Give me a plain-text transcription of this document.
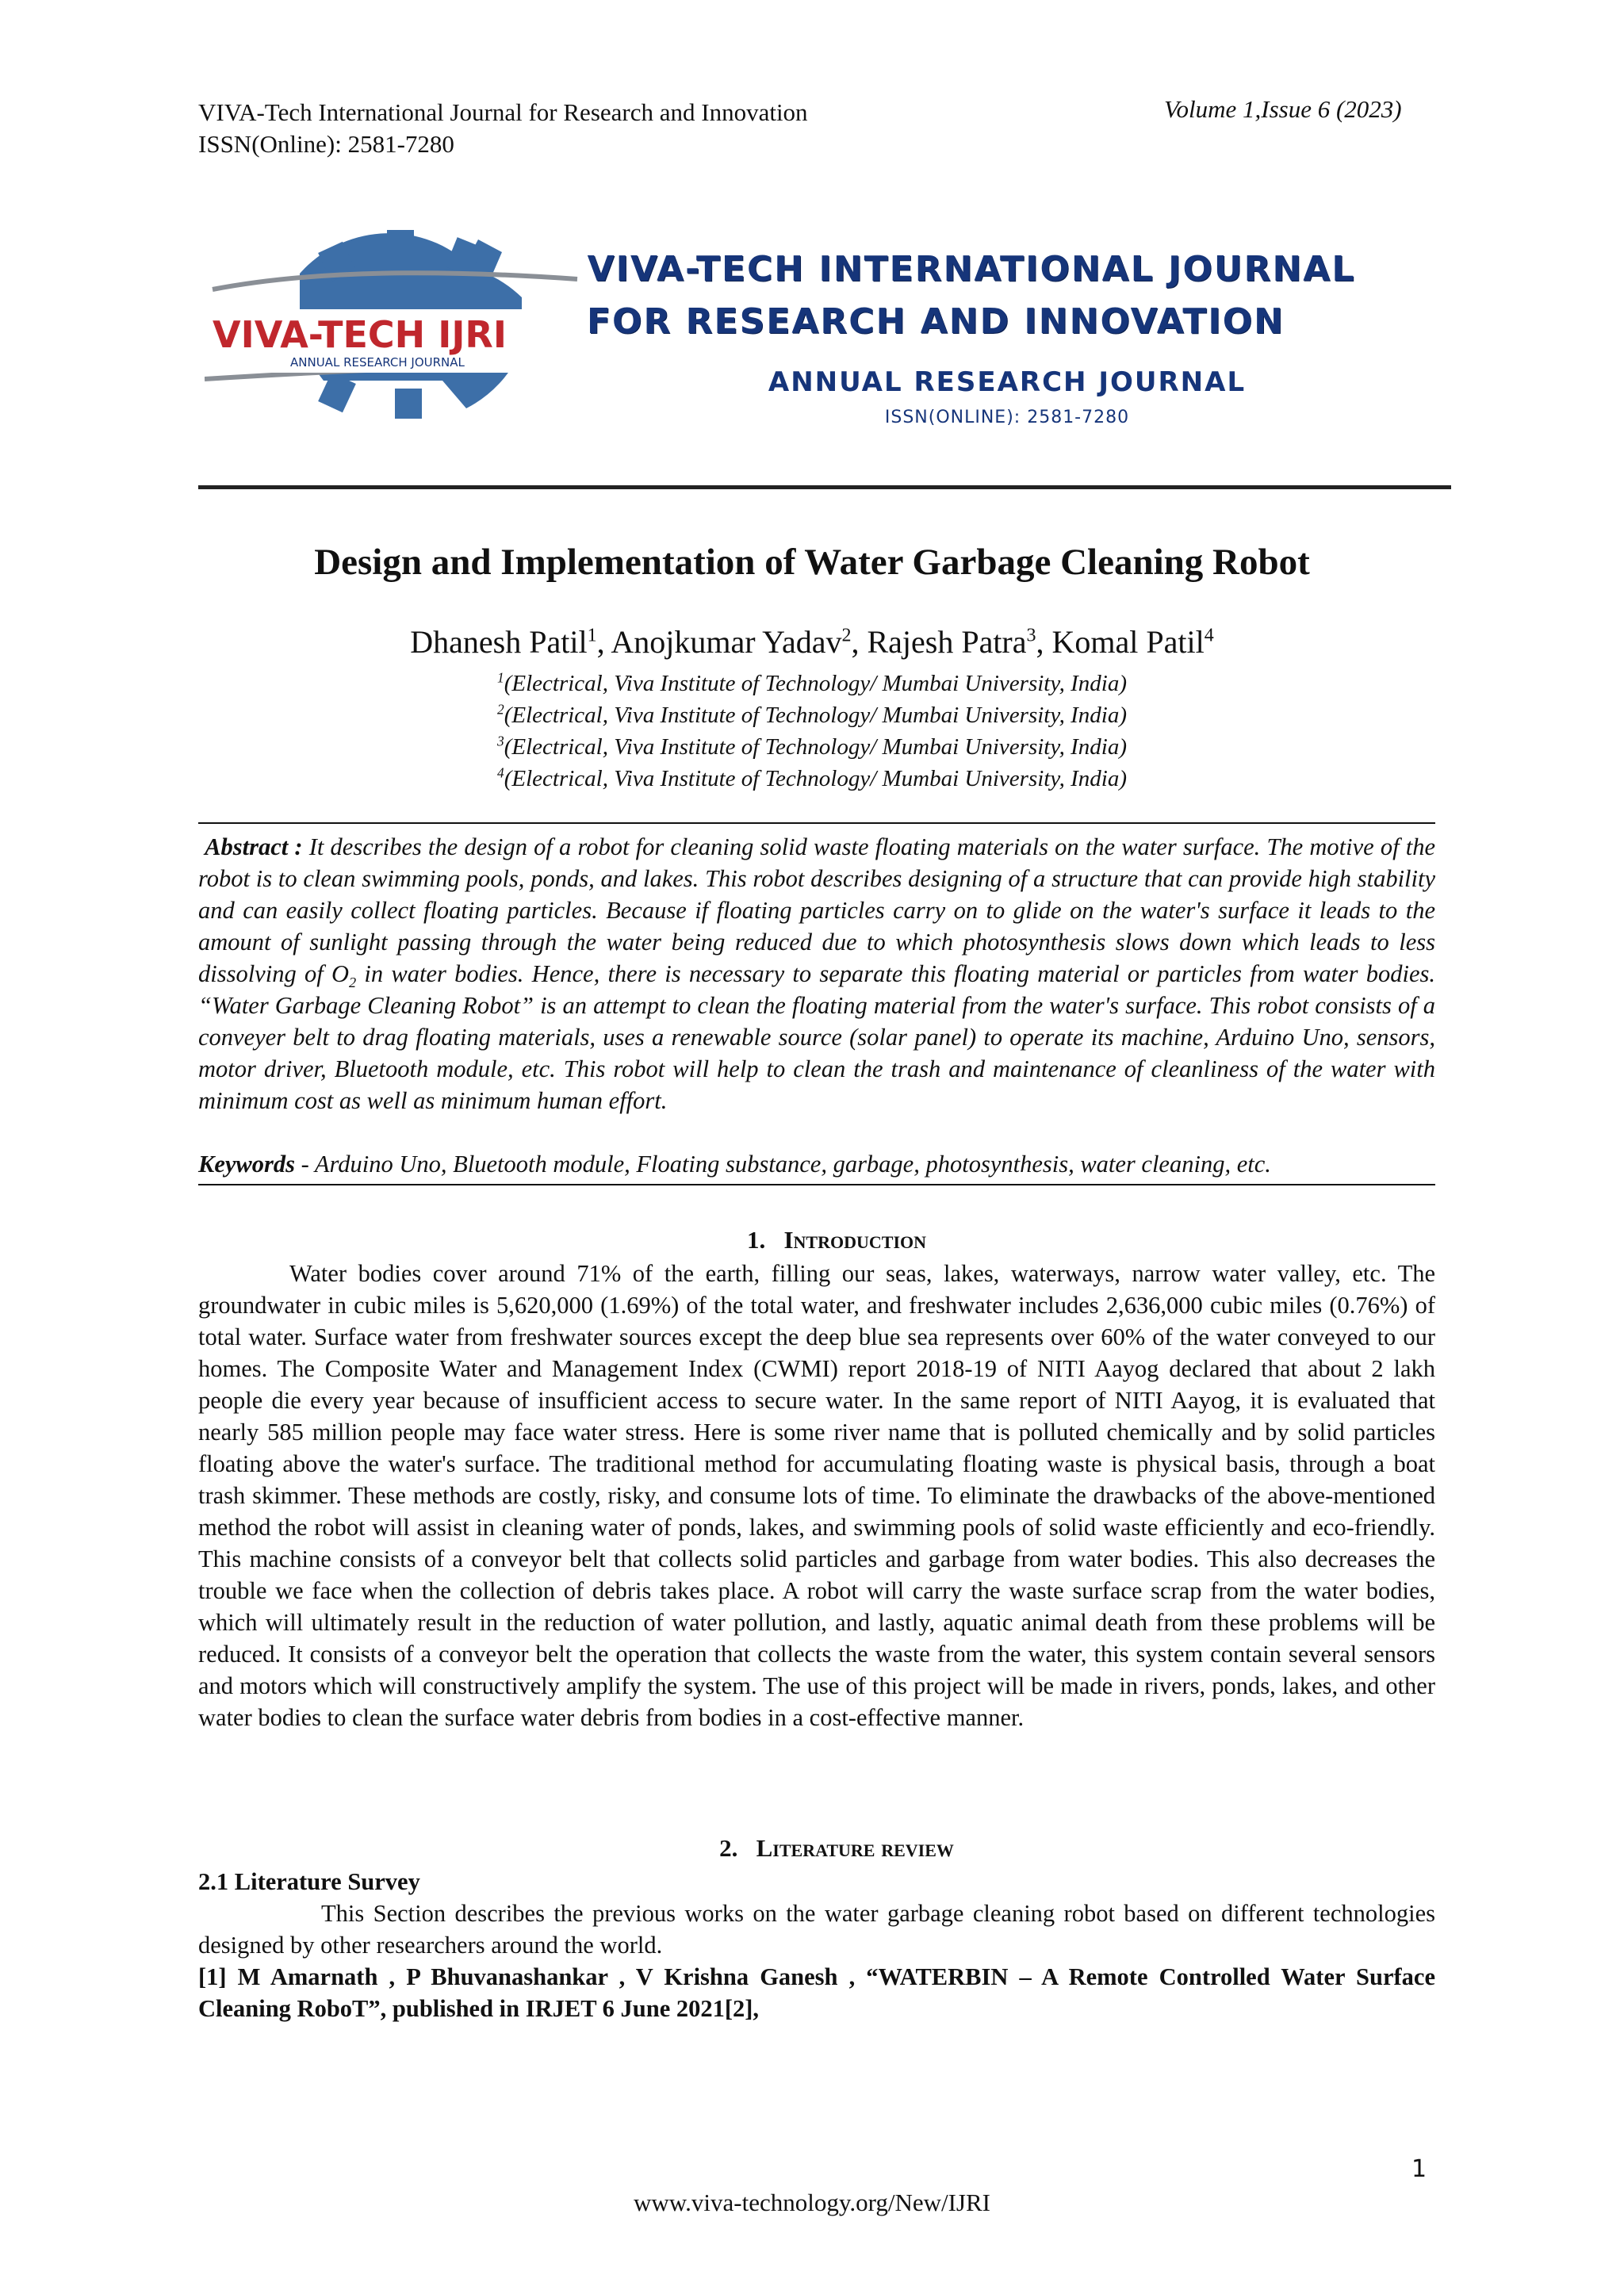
VIVA-Tech International Journal for Research and Innovation
ISSN(Online): 2581-7280
Volume 1,Issue 6 (2023)
VIVA-TECH IJRI
ANNUAL RESEARCH JOURNAL
VIVA-TECH INTERNATIONAL JOURNAL
FOR RESEARCH AND INNOVATION
ANNUAL RESEARCH JOURNAL
ISSN(ONLINE): 2581-7280
Design and Implementation of Water Garbage Cleaning Robot
Dhanesh Patil$^1$, Anojkumar Yadav$^2$, Rajesh Patra$^3$, Komal Patil$^4$
$^1$(Electrical, Viva Institute of Technology/ Mumbai University, India)
$^2$(Electrical, Viva Institute of Technology/ Mumbai University, India)
$^3$(Electrical, Viva Institute of Technology/ Mumbai University, India)
$^4$(Electrical, Viva Institute of Technology/ Mumbai University, India)
Abstract : It describes the design of a robot for cleaning solid waste floating materials on the water surface. The motive of the robot is to clean swimming pools, ponds, and lakes. This robot describes designing of a structure that can provide high stability and can easily collect floating particles. Because if floating particles carry on to glide on the water's surface it leads to the amount of sunlight passing through the water being reduced due to which photosynthesis slows down which leads to less dissolving of $O_2$ in water bodies. Hence, there is necessary to separate this floating material or particles from water bodies. “Water Garbage Cleaning Robot” is an attempt to clean the floating material from the water's surface. This robot consists of a conveyer belt to drag floating materials, uses a renewable source (solar panel) to operate its machine, Arduino Uno, sensors, motor driver, Bluetooth module, etc. This robot will help to clean the trash and maintenance of cleanliness of the water with minimum cost as well as minimum human effort.
Keywords - Arduino Uno, Bluetooth module, Floating substance, garbage, photosynthesis, water cleaning, etc.
1. Introduction
Water bodies cover around 71% of the earth, filling our seas, lakes, waterways, narrow water valley, etc. The groundwater in cubic miles is 5,620,000 (1.69%) of the total water, and freshwater includes 2,636,000 cubic miles (0.76%) of total water. Surface water from freshwater sources except the deep blue sea represents over 60% of the water conveyed to our homes. The Composite Water and Management Index (CWMI) report 2018-19 of NITI Aayog declared that about 2 lakh people die every year because of insufficient access to secure water. In the same report of NITI Aayog, it is evaluated that nearly 585 million people may face water stress. Here is some river name that is polluted chemically and by solid particles floating above the water's surface. The traditional method for accumulating floating waste is physical basis, through a boat trash skimmer. These methods are costly, risky, and consume lots of time. To eliminate the drawbacks of the above-mentioned method the robot will assist in cleaning water of ponds, lakes, and swimming pools of solid waste efficiently and eco-friendly. This machine consists of a conveyor belt that collects solid particles and garbage from water bodies. This also decreases the trouble we face when the collection of debris takes place. A robot will carry the waste surface scrap from the water bodies, which will ultimately result in the reduction of water pollution, and lastly, aquatic animal death from these problems will be reduced. It consists of a conveyor belt the operation that collects the waste from the water, this system contain several sensors and motors which will constructively amplify the system. The use of this project will be made in rivers, ponds, lakes, and other water bodies to clean the surface water debris from bodies in a cost-effective manner.
2. Literature review
2.1 Literature Survey
This Section describes the previous works on the water garbage cleaning robot based on different technologies designed by other researchers around the world.
[1] M Amarnath , P Bhuvanashankar , V Krishna Ganesh , “WATERBIN – A Remote Controlled Water Surface Cleaning RoboT”, published in IRJET 6 June 2021[2],
1
www.viva-technology.org/New/IJRI
